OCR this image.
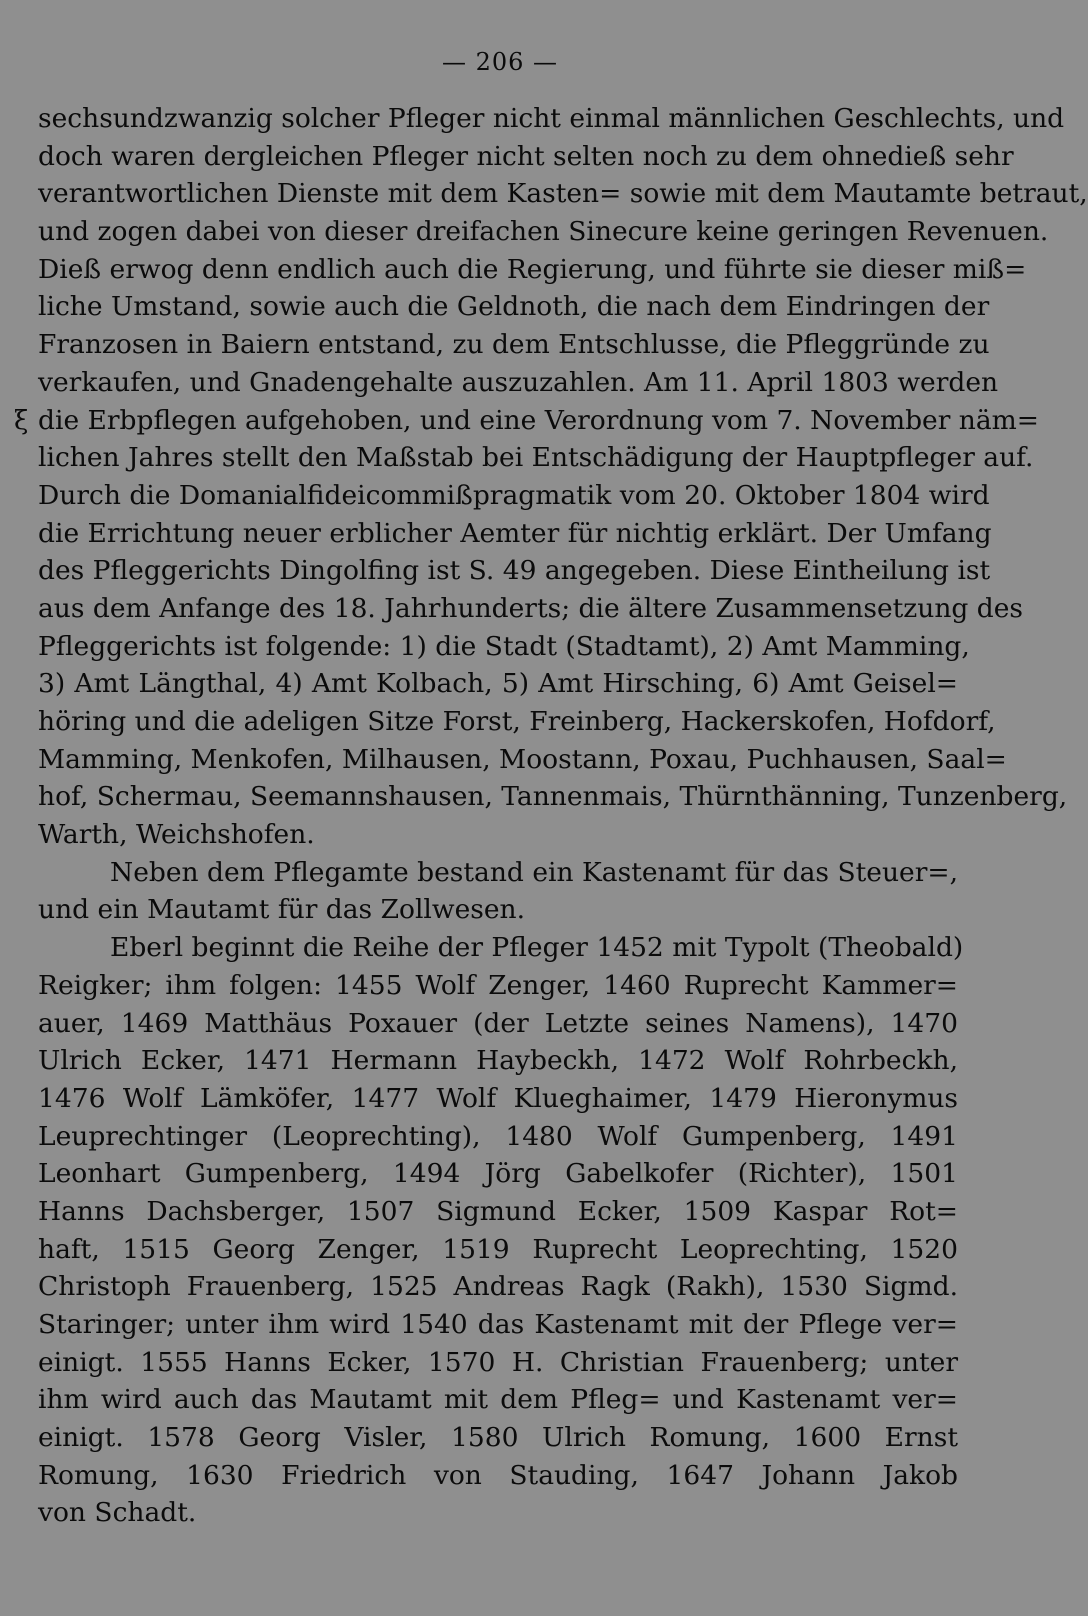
— 206 —
ξ
sechsundzwanzig solcher Pfleger nicht einmal männlichen Geschlechts, und
doch waren dergleichen Pfleger nicht selten noch zu dem ohnedieß sehr
verantwortlichen Dienste mit dem Kasten= sowie mit dem Mautamte betraut,
und zogen dabei von dieser dreifachen Sinecure keine geringen Revenuen.
Dieß erwog denn endlich auch die Regierung, und führte sie dieser miß=
liche Umstand, sowie auch die Geldnoth, die nach dem Eindringen der
Franzosen in Baiern entstand, zu dem Entschlusse, die Pfleggründe zu
verkaufen, und Gnadengehalte auszuzahlen. Am 11. April 1803 werden
die Erbpflegen aufgehoben, und eine Verordnung vom 7. November näm=
lichen Jahres stellt den Maßstab bei Entschädigung der Hauptpfleger auf.
Durch die Domanialfideicommißpragmatik vom 20. Oktober 1804 wird
die Errichtung neuer erblicher Aemter für nichtig erklärt. Der Umfang
des Pfleggerichts Dingolfing ist S. 49 angegeben. Diese Eintheilung ist
aus dem Anfange des 18. Jahrhunderts; die ältere Zusammensetzung des
Pfleggerichts ist folgende: 1) die Stadt (Stadtamt), 2) Amt Mamming,
3) Amt Längthal, 4) Amt Kolbach, 5) Amt Hirsching, 6) Amt Geisel=
höring und die adeligen Sitze Forst, Freinberg, Hackerskofen, Hofdorf,
Mamming, Menkofen, Milhausen, Moostann, Poxau, Puchhausen, Saal=
hof, Schermau, Seemannshausen, Tannenmais, Thürnthänning, Tunzenberg,
Warth, Weichshofen.
Neben dem Pflegamte bestand ein Kastenamt für das Steuer=,
und ein Mautamt für das Zollwesen.
Eberl beginnt die Reihe der Pfleger 1452 mit Typolt (Theobald)
Reigker; ihm folgen: 1455 Wolf Zenger, 1460 Ruprecht Kammer=
auer, 1469 Matthäus Poxauer (der Letzte seines Namens), 1470
Ulrich Ecker, 1471 Hermann Haybeckh, 1472 Wolf Rohrbeckh,
1476 Wolf Lämköfer, 1477 Wolf Klueghaimer, 1479 Hieronymus
Leuprechtinger (Leoprechting), 1480 Wolf Gumpenberg, 1491
Leonhart Gumpenberg, 1494 Jörg Gabelkofer (Richter), 1501
Hanns Dachsberger, 1507 Sigmund Ecker, 1509 Kaspar Rot=
haft, 1515 Georg Zenger, 1519 Ruprecht Leoprechting, 1520
Christoph Frauenberg, 1525 Andreas Ragk (Rakh), 1530 Sigmd.
Staringer; unter ihm wird 1540 das Kastenamt mit der Pflege ver=
einigt. 1555 Hanns Ecker, 1570 H. Christian Frauenberg; unter
ihm wird auch das Mautamt mit dem Pfleg= und Kastenamt ver=
einigt. 1578 Georg Visler, 1580 Ulrich Romung, 1600 Ernst
Romung, 1630 Friedrich von Stauding, 1647 Johann Jakob
von Schadt.
